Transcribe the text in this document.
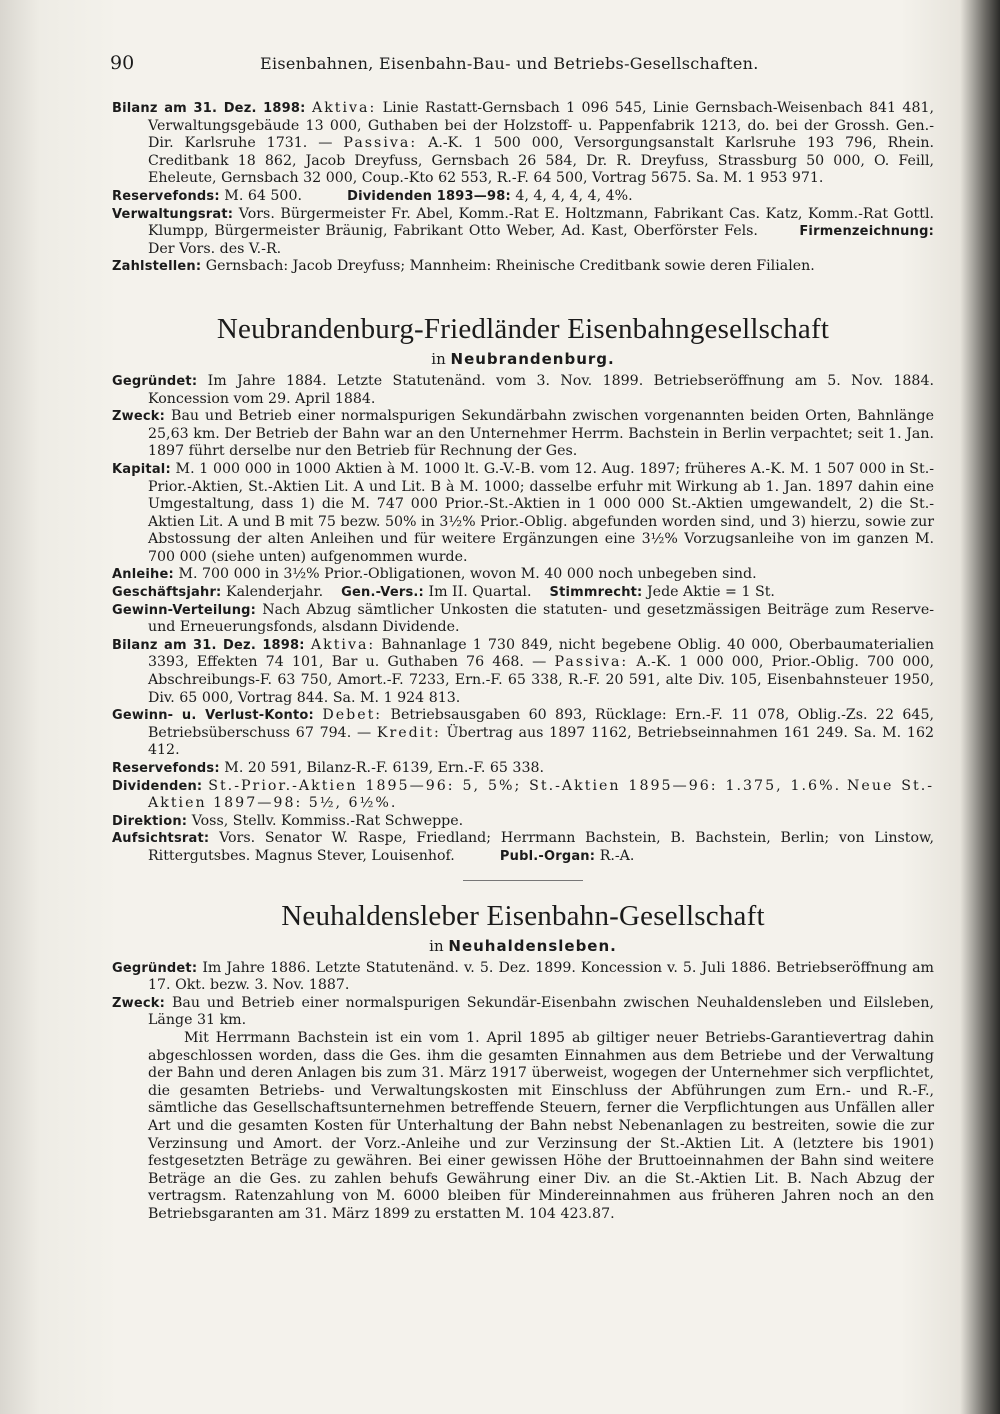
90	Eisenbahnen, Eisenbahn-Bau- und Betriebs-Gesellschaften.

Bilanz am 31. Dez. 1898: Aktiva: Linie Rastatt-Gernsbach 1 096 545, Linie Gernsbach-Weisenbach 841 481, Verwaltungsgebäude 13 000, Guthaben bei der Holzstoff- u. Pappenfabrik 1213, do. bei der Grossh. Gen.-Dir. Karlsruhe 1731. — Passiva: A.-K. 1 500 000, Versorgungsanstalt Karlsruhe 193 796, Rhein. Creditbank 18 862, Jacob Dreyfuss, Gernsbach 26 584, Dr. R. Dreyfuss, Strassburg 50 000, O. Feill, Eheleute, Gernsbach 32 000, Coup.-Kto 62 553, R.-F. 64 500, Vortrag 5675. Sa. M. 1 953 971.

Reservefonds: M. 64 500.	Dividenden 1893—98: 4, 4, 4, 4, 4, 4%.

Verwaltungsrat: Vors. Bürgermeister Fr. Abel, Komm.-Rat E. Holtzmann, Fabrikant Cas. Katz, Komm.-Rat Gottl. Klumpp, Bürgermeister Bräunig, Fabrikant Otto Weber, Ad. Kast, Oberförster Fels.	Firmenzeichnung: Der Vors. des V.-R.

Zahlstellen: Gernsbach: Jacob Dreyfuss; Mannheim: Rheinische Creditbank sowie deren Filialen.

Neubrandenburg-Friedländer Eisenbahngesellschaft
in Neubrandenburg.

Gegründet: Im Jahre 1884. Letzte Statutenänd. vom 3. Nov. 1899. Betriebseröffnung am 5. Nov. 1884. Koncession vom 29. April 1884.

Zweck: Bau und Betrieb einer normalspurigen Sekundärbahn zwischen vorgenannten beiden Orten, Bahnlänge 25,63 km. Der Betrieb der Bahn war an den Unternehmer Herrm. Bachstein in Berlin verpachtet; seit 1. Jan. 1897 führt derselbe nur den Betrieb für Rechnung der Ges.

Kapital: M. 1 000 000 in 1000 Aktien à M. 1000 lt. G.-V.-B. vom 12. Aug. 1897; früheres A.-K. M. 1 507 000 in St.-Prior.-Aktien, St.-Aktien Lit. A und Lit. B à M. 1000; dasselbe erfuhr mit Wirkung ab 1. Jan. 1897 dahin eine Umgestaltung, dass 1) die M. 747 000 Prior.-St.-Aktien in 1 000 000 St.-Aktien umgewandelt, 2) die St.-Aktien Lit. A und B mit 75 bezw. 50% in 3½% Prior.-Oblig. abgefunden worden sind, und 3) hierzu, sowie zur Abstossung der alten Anleihen und für weitere Ergänzungen eine 3½% Vorzugsanleihe von im ganzen M. 700 000 (siehe unten) aufgenommen wurde.

Anleihe: M. 700 000 in 3½% Prior.-Obligationen, wovon M. 40 000 noch unbegeben sind.

Geschäftsjahr: Kalenderjahr. Gen.-Vers.: Im II. Quartal. Stimmrecht: Jede Aktie = 1 St.

Gewinn-Verteilung: Nach Abzug sämtlicher Unkosten die statuten- und gesetzmässigen Beiträge zum Reserve- und Erneuerungsfonds, alsdann Dividende.

Bilanz am 31. Dez. 1898: Aktiva: Bahnanlage 1 730 849, nicht begebene Oblig. 40 000, Oberbaumaterialien 3393, Effekten 74 101, Bar u. Guthaben 76 468. — Passiva: A.-K. 1 000 000, Prior.-Oblig. 700 000, Abschreibungs-F. 63 750, Amort.-F. 7233, Ern.-F. 65 338, R.-F. 20 591, alte Div. 105, Eisenbahnsteuer 1950, Div. 65 000, Vortrag 844. Sa. M. 1 924 813.

Gewinn- u. Verlust-Konto: Debet: Betriebsausgaben 60 893, Rücklage: Ern.-F. 11 078, Oblig.-Zs. 22 645, Betriebsüberschuss 67 794. — Kredit: Übertrag aus 1897 1162, Betriebseinnahmen 161 249. Sa. M. 162 412.

Reservefonds: M. 20 591, Bilanz-R.-F. 6139, Ern.-F. 65 338.

Dividenden: St.-Prior.-Aktien 1895—96: 5, 5%; St.-Aktien 1895—96: 1.375, 1.6%. Neue St.-Aktien 1897—98: 5½, 6½%.

Direktion: Voss, Stellv. Kommiss.-Rat Schweppe.

Aufsichtsrat: Vors. Senator W. Raspe, Friedland; Herrmann Bachstein, B. Bachstein, Berlin; von Linstow, Rittergutsbes. Magnus Stever, Louisenhof.	Publ.-Organ: R.-A.

Neuhaldensleber Eisenbahn-Gesellschaft
in Neuhaldensleben.

Gegründet: Im Jahre 1886. Letzte Statutenänd. v. 5. Dez. 1899. Koncession v. 5. Juli 1886. Betriebseröffnung am 17. Okt. bezw. 3. Nov. 1887.

Zweck: Bau und Betrieb einer normalspurigen Sekundär-Eisenbahn zwischen Neuhaldensleben und Eilsleben, Länge 31 km.

Mit Herrmann Bachstein ist ein vom 1. April 1895 ab giltiger neuer Betriebs-Garantievertrag dahin abgeschlossen worden, dass die Ges. ihm die gesamten Einnahmen aus dem Betriebe und der Verwaltung der Bahn und deren Anlagen bis zum 31. März 1917 überweist, wogegen der Unternehmer sich verpflichtet, die gesamten Betriebs- und Verwaltungskosten mit Einschluss der Abführungen zum Ern.- und R.-F., sämtliche das Gesellschaftsunternehmen betreffende Steuern, ferner die Verpflichtungen aus Unfällen aller Art und die gesamten Kosten für Unterhaltung der Bahn nebst Nebenanlagen zu bestreiten, sowie die zur Verzinsung und Amort. der Vorz.-Anleihe und zur Verzinsung der St.-Aktien Lit. A (letztere bis 1901) festgesetzten Beträge zu gewähren. Bei einer gewissen Höhe der Bruttoeinnahmen der Bahn sind weitere Beträge an die Ges. zu zahlen behufs Gewährung einer Div. an die St.-Aktien Lit. B. Nach Abzug der vertragsm. Ratenzahlung von M. 6000 bleiben für Mindereinnahmen aus früheren Jahren noch an den Betriebsgaranten am 31. März 1899 zu erstatten M. 104 423.87.
